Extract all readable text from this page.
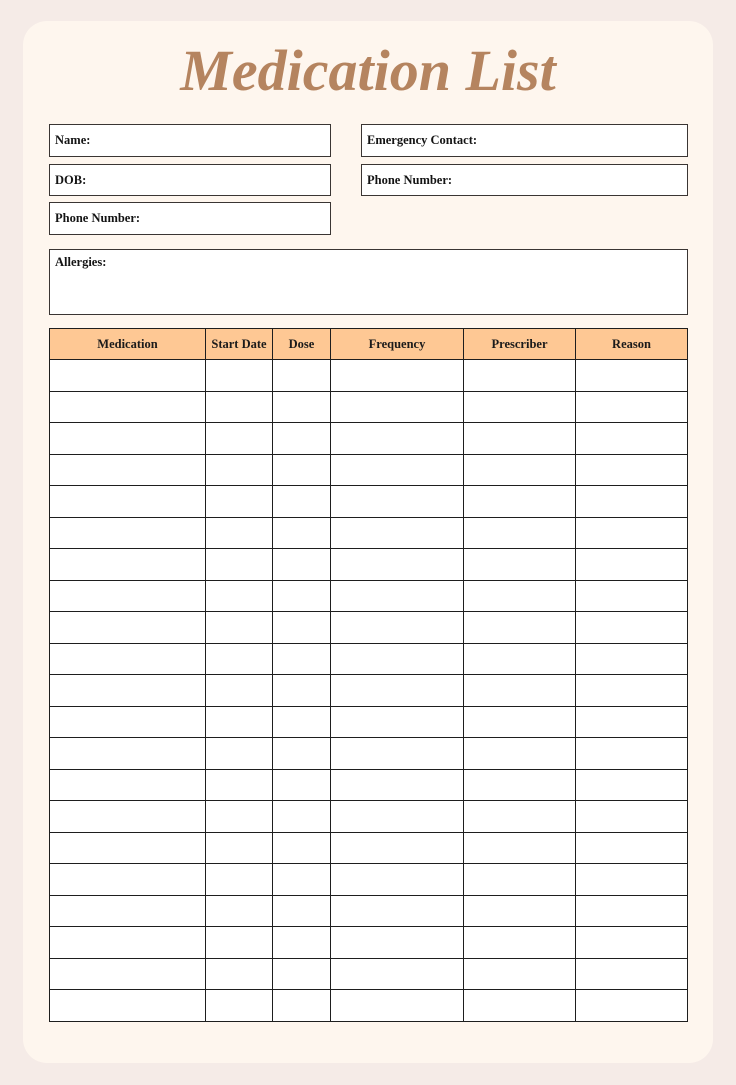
Medication List
Name:
DOB:
Phone Number:
Emergency Contact:
Phone Number:
Allergies:
Medication	Start Date	Dose	Frequency	Prescriber	Reason
